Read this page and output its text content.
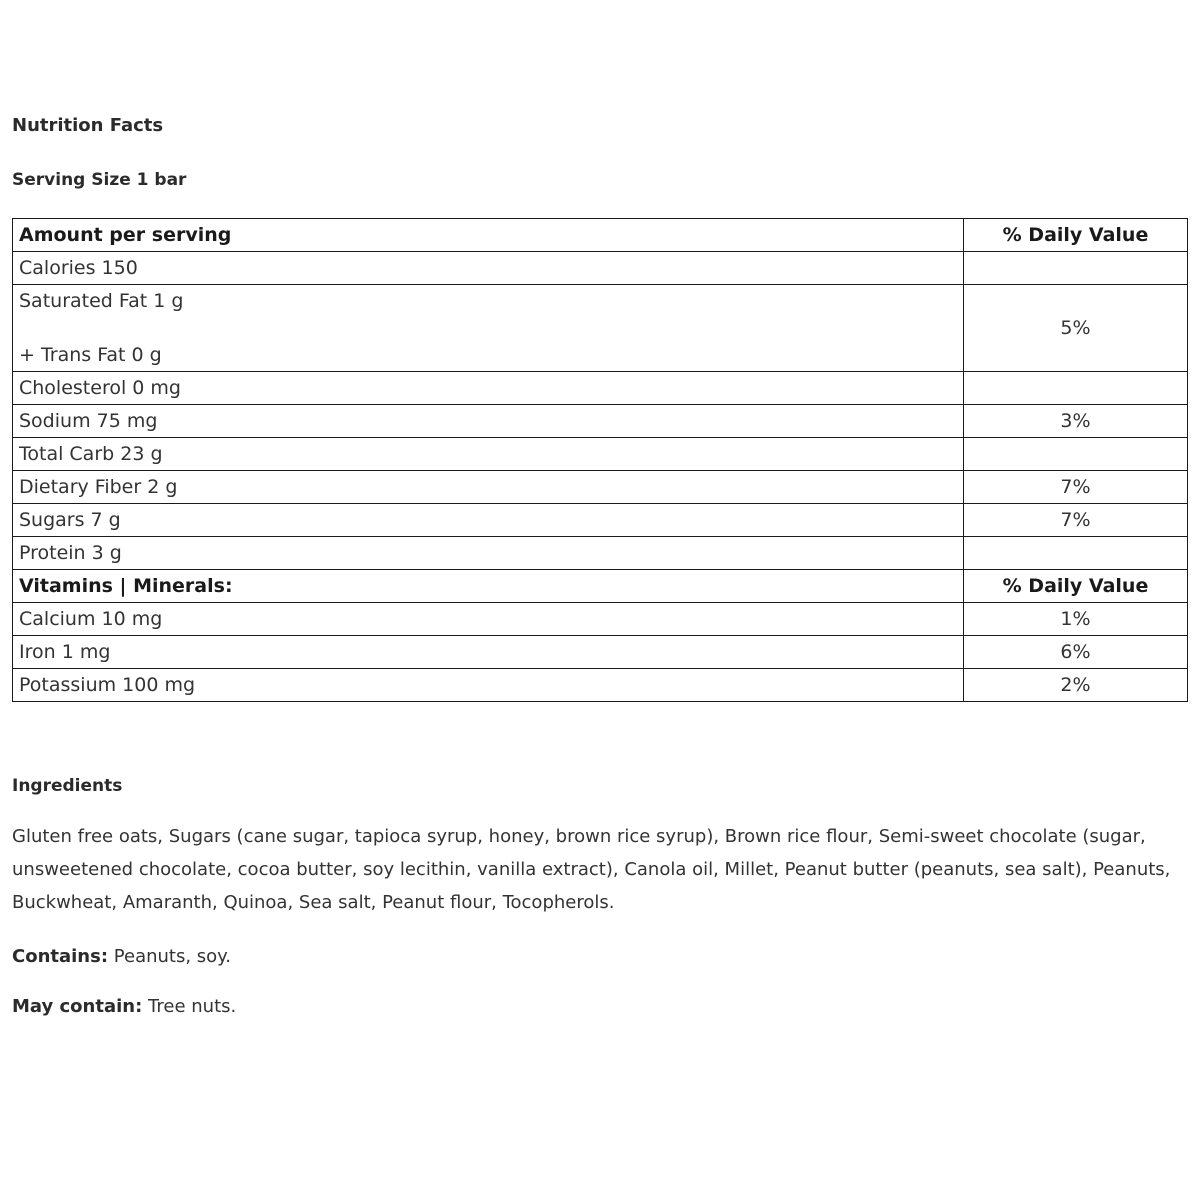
Nutrition Facts
Serving Size 1 bar
Amount per serving	% Daily Value
Calories 150	

Saturated Fat 1 g
+ Trans Fat 0 g	5%
Cholesterol 0 mg	
Sodium 75 mg	3%
Total Carb 23 g	
Dietary Fiber 2 g	7%
Sugars 7 g	7%
Protein 3 g	
Vitamins | Minerals:	% Daily Value
Calcium 10 mg	1%
Iron 1 mg	6%
Potassium 100 mg	2%
Ingredients
Gluten free oats, Sugars (cane sugar, tapioca syrup, honey, brown rice syrup), Brown rice flour, Semi-sweet chocolate (sugar, unsweetened chocolate, cocoa butter, soy lecithin, vanilla extract), Canola oil, Millet, Peanut butter (peanuts, sea salt), Peanuts, Buckwheat, Amaranth, Quinoa, Sea salt, Peanut flour, Tocopherols.
Contains: Peanuts, soy.
May contain: Tree nuts.
